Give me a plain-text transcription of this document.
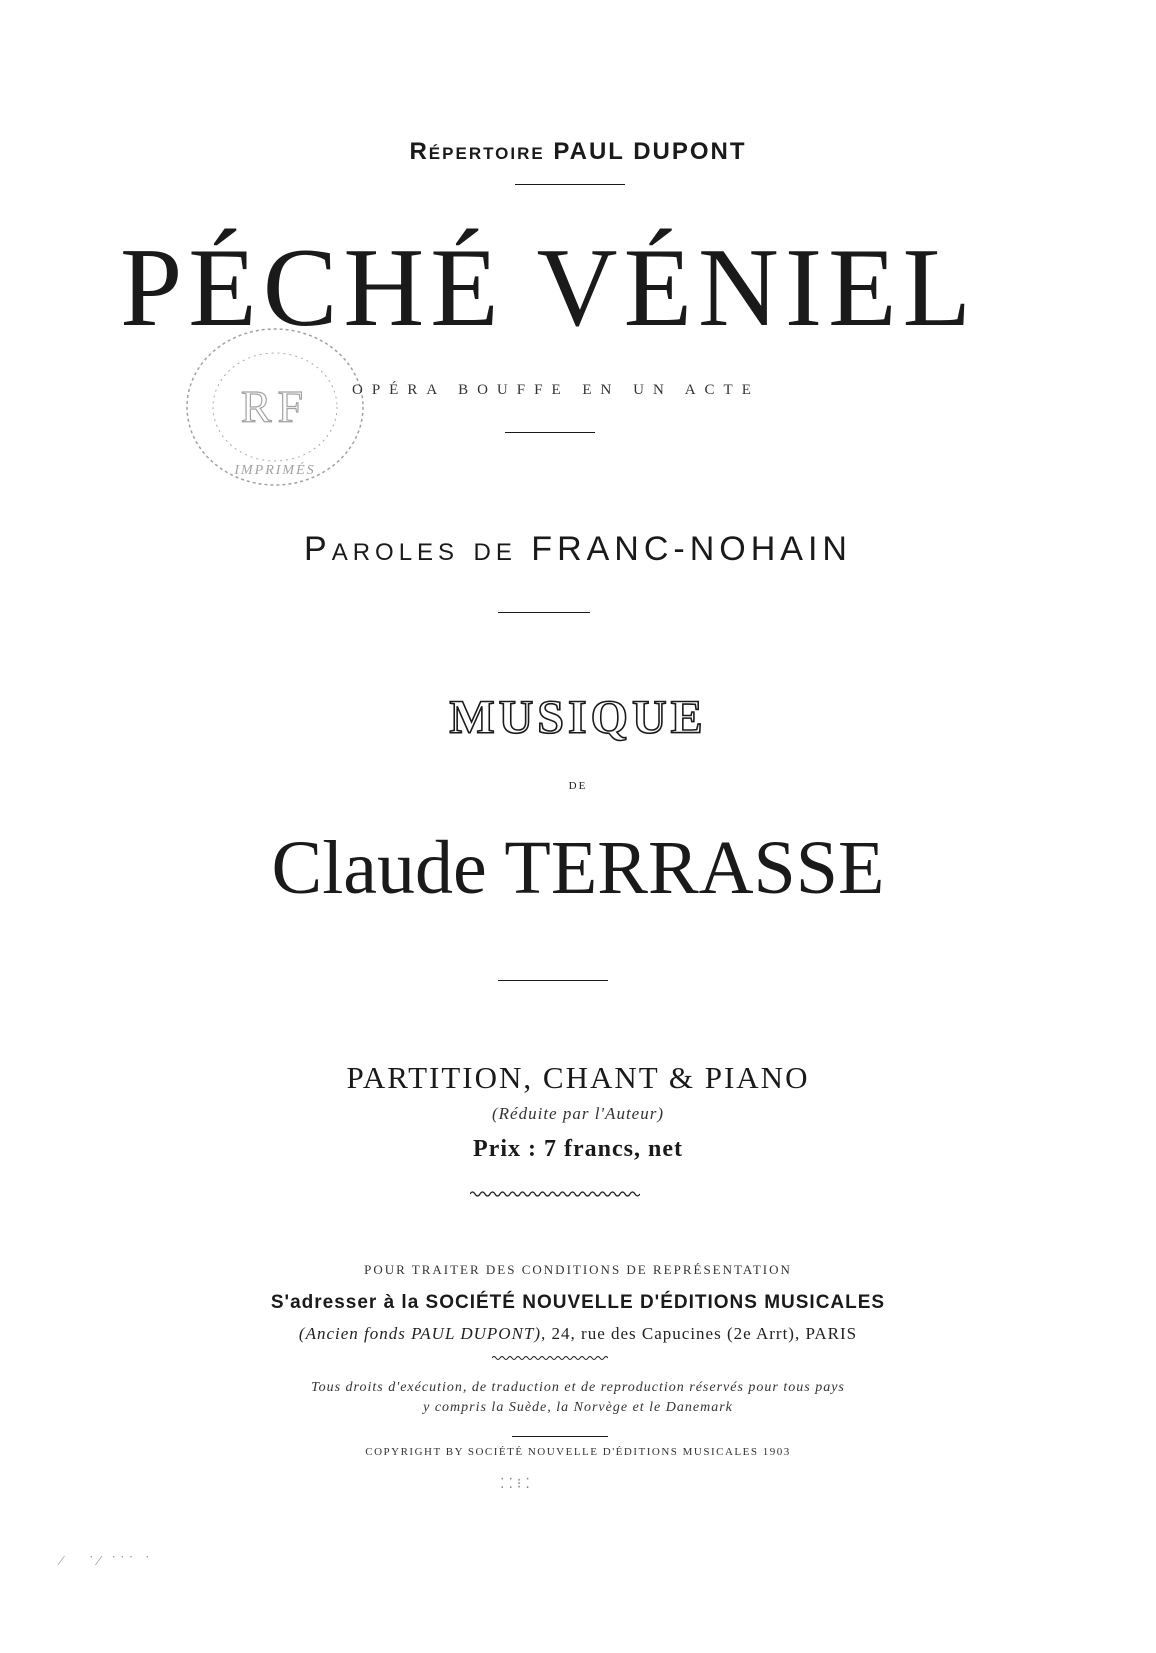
Répertoire PAUL DUPONT
PÉCHÉ VÉNIEL
RF
IMPRIMÉS
OPÉRA BOUFFE EN UN ACTE
Paroles de FRANC-NOHAIN
MUSIQUE
DE
Claude TERRASSE
PARTITION, CHANT & PIANO
(Réduite par l'Auteur)
Prix : 7 francs, net
POUR TRAITER DES CONDITIONS DE REPRÉSENTATION
S'adresser à la SOCIÉTÉ NOUVELLE D'ÉDITIONS MUSICALES
(Ancien fonds PAUL DUPONT), 24, rue des Capucines (2e Arrt), PARIS
Tous droits d'exécution, de traduction et de reproduction réservés pour tous pays
y compris la Suède, la Norvège et le Danemark
COPYRIGHT BY SOCIÉTÉ NOUVELLE D'ÉDITIONS MUSICALES 1903
⁚⁚⁝⁚
⁄   ˙⁄ ˙˙˙ ˙
